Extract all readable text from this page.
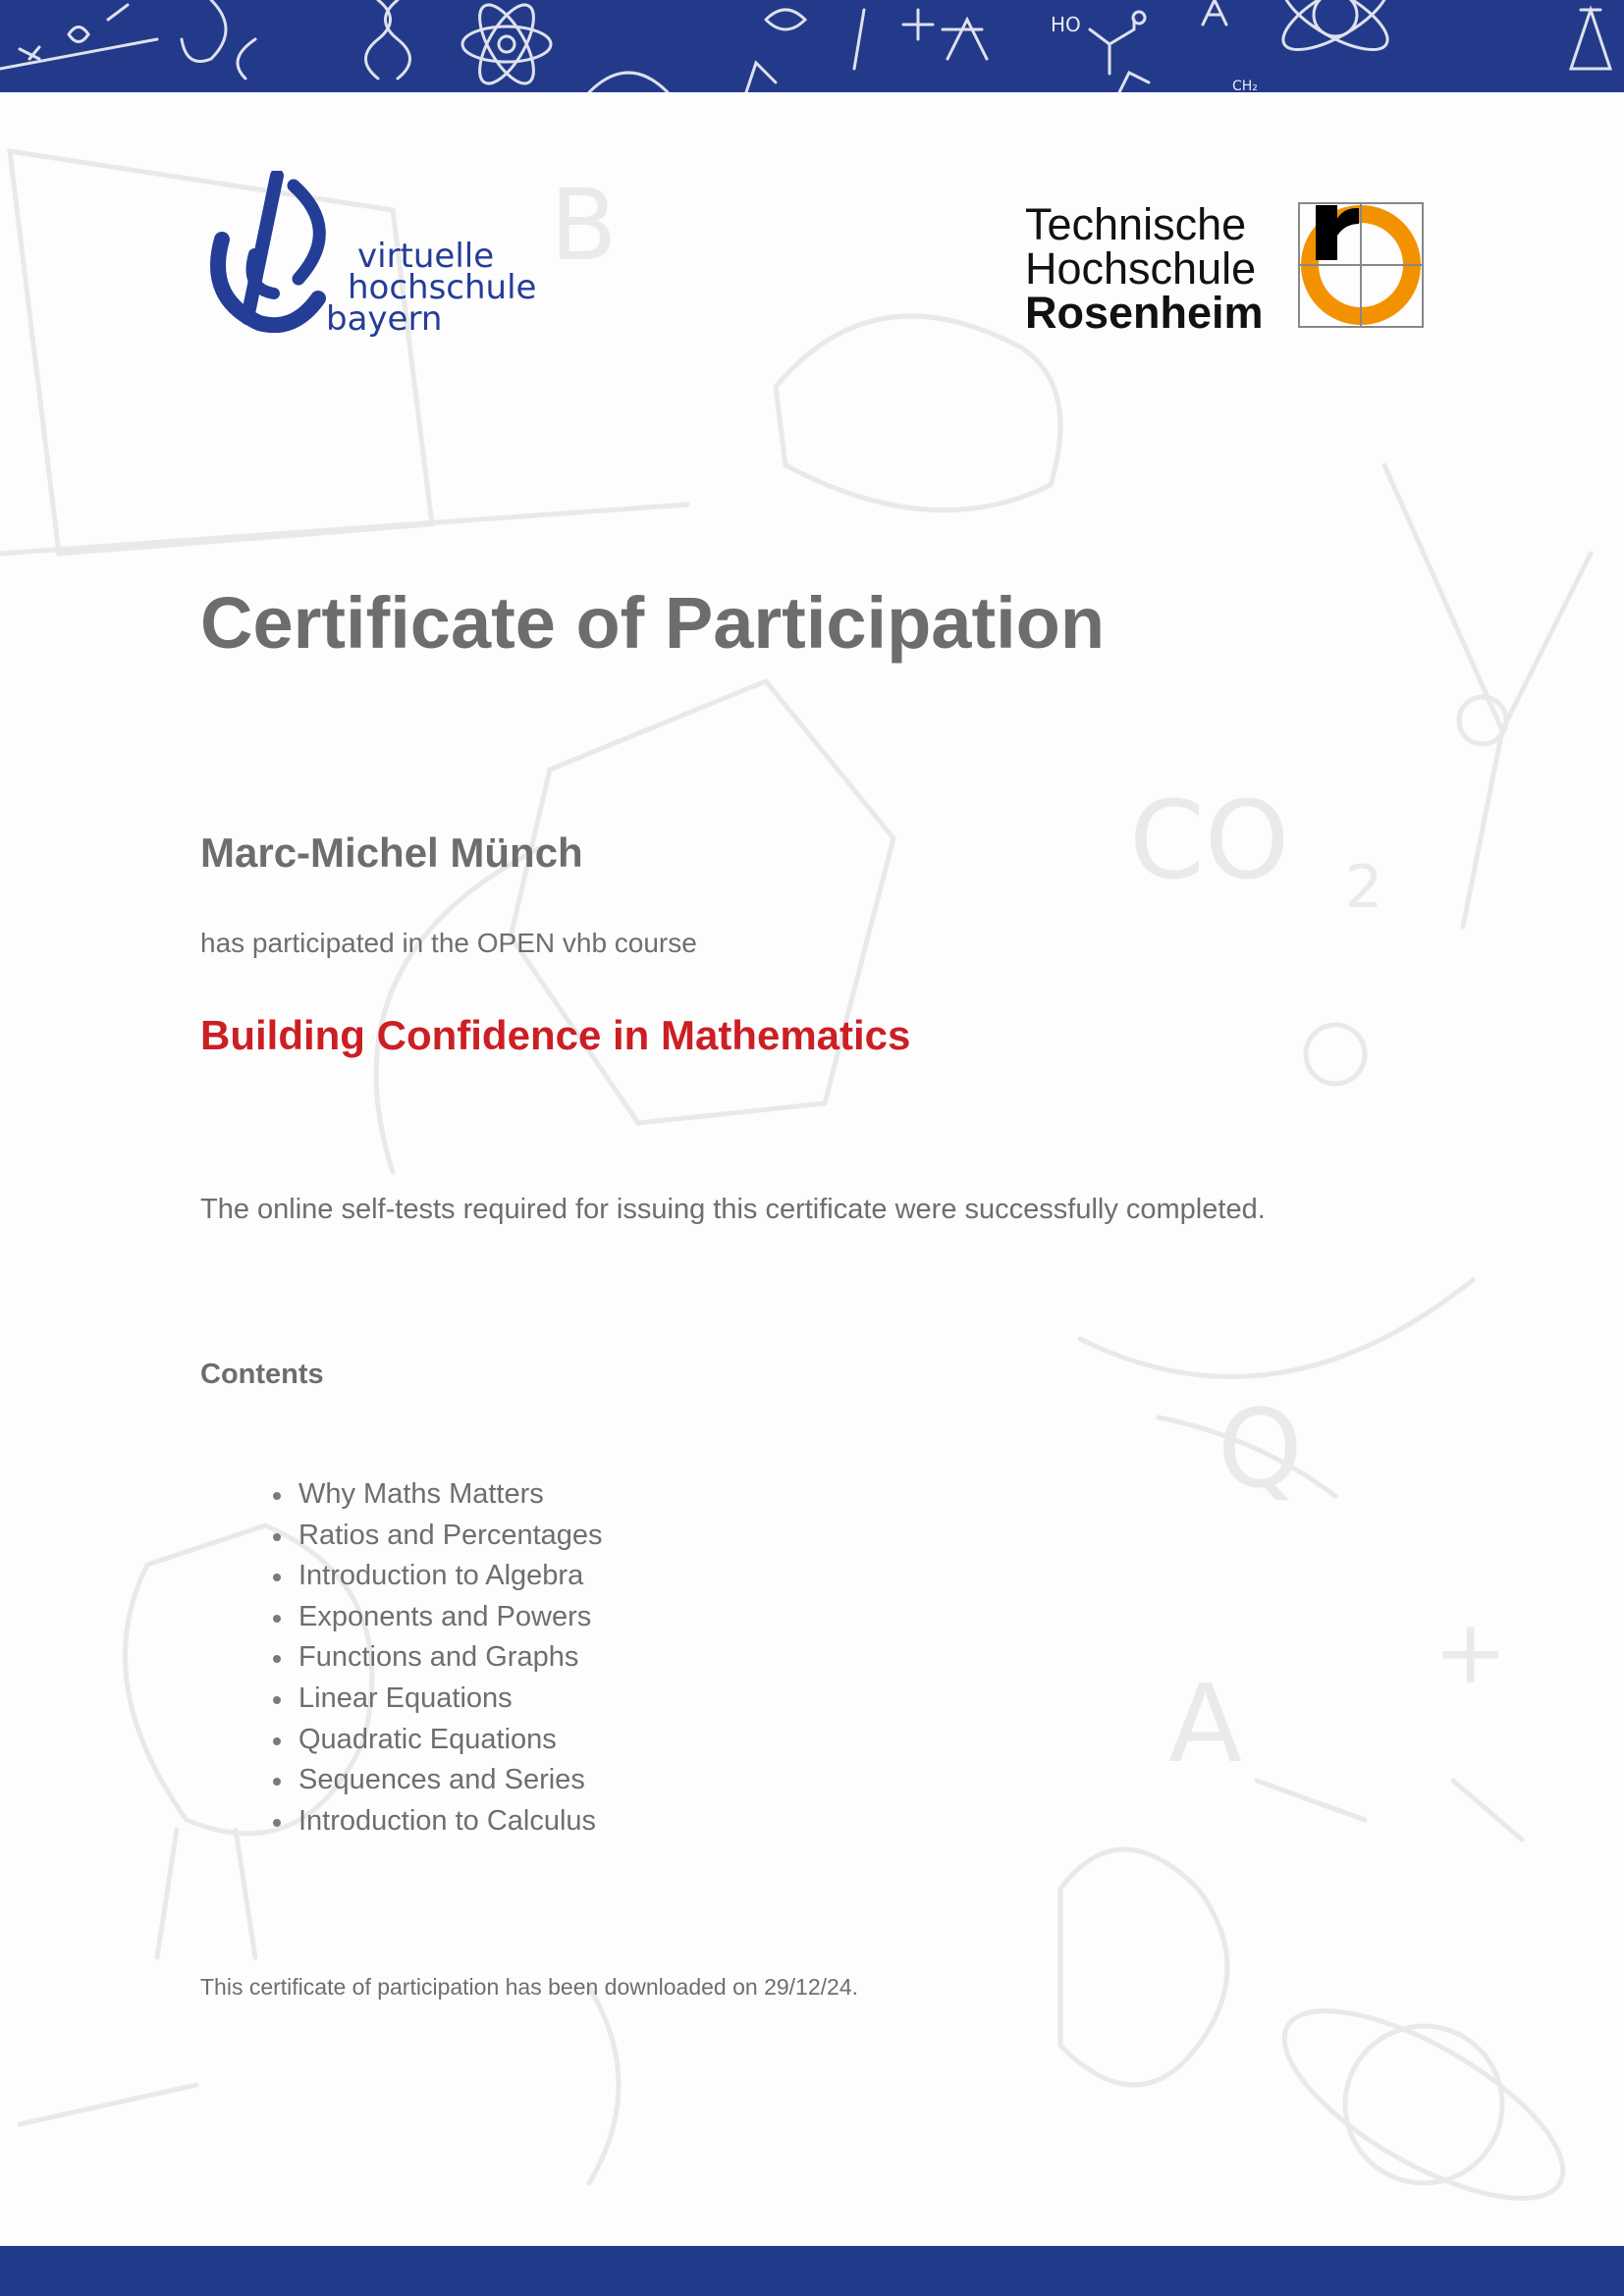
HO
CH₂
B
CO 2
Q
A
+
virtuelle
hochschule
bayern
Technische
Hochschule
Rosenheim
Certificate of Participation
Marc-Michel Münch
has participated in the OPEN vhb course
Building Confidence in Mathematics
The online self-tests required for issuing this certificate were successfully completed.
Contents
Why Maths Matters
Ratios and Percentages
Introduction to Algebra
Exponents and Powers
Functions and Graphs
Linear Equations
Quadratic Equations
Sequences and Series
Introduction to Calculus
This certificate of participation has been downloaded on 29/12/24.
